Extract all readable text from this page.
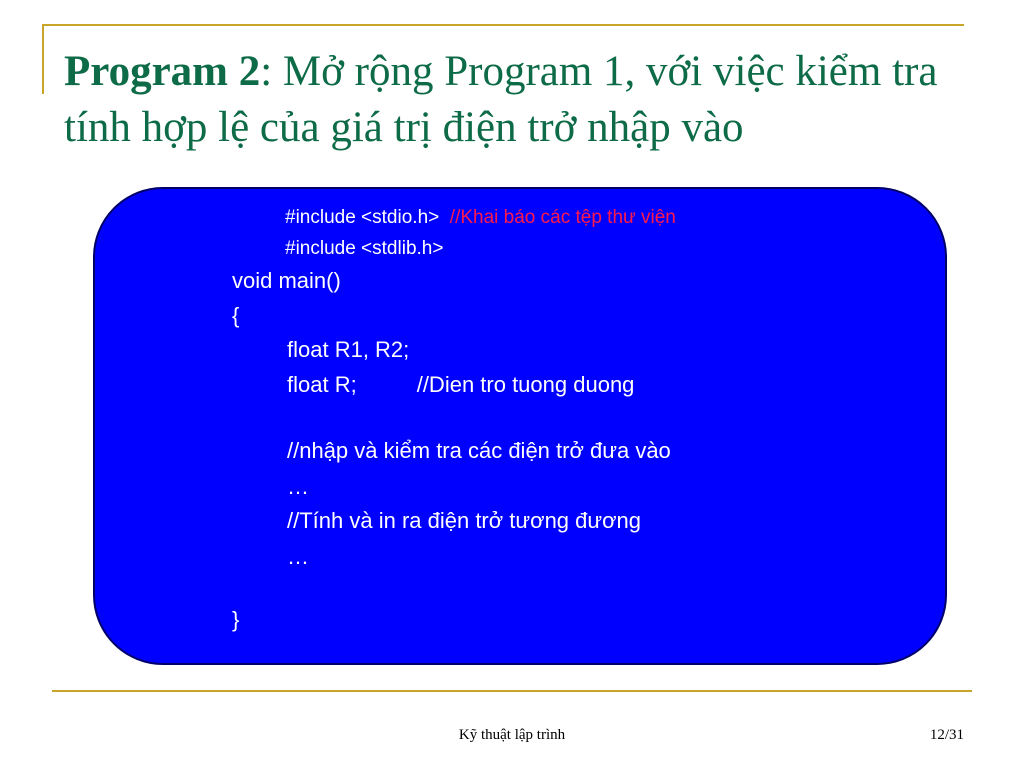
Program 2: Mở rộng Program 1, với việc kiểm tra tính hợp lệ của giá trị điện trở nhập vào

#include <stdio.h> //Khai báo các tệp thư viện

#include <stdlib.h>

void main()

{

float R1, R2;

float R;	//Dien tro tuong duong

//nhập và kiểm tra các điện trở đưa vào

…

//Tính và in ra điện trở tương đương

…

}

Kỹ thuật lập trình	12/31
